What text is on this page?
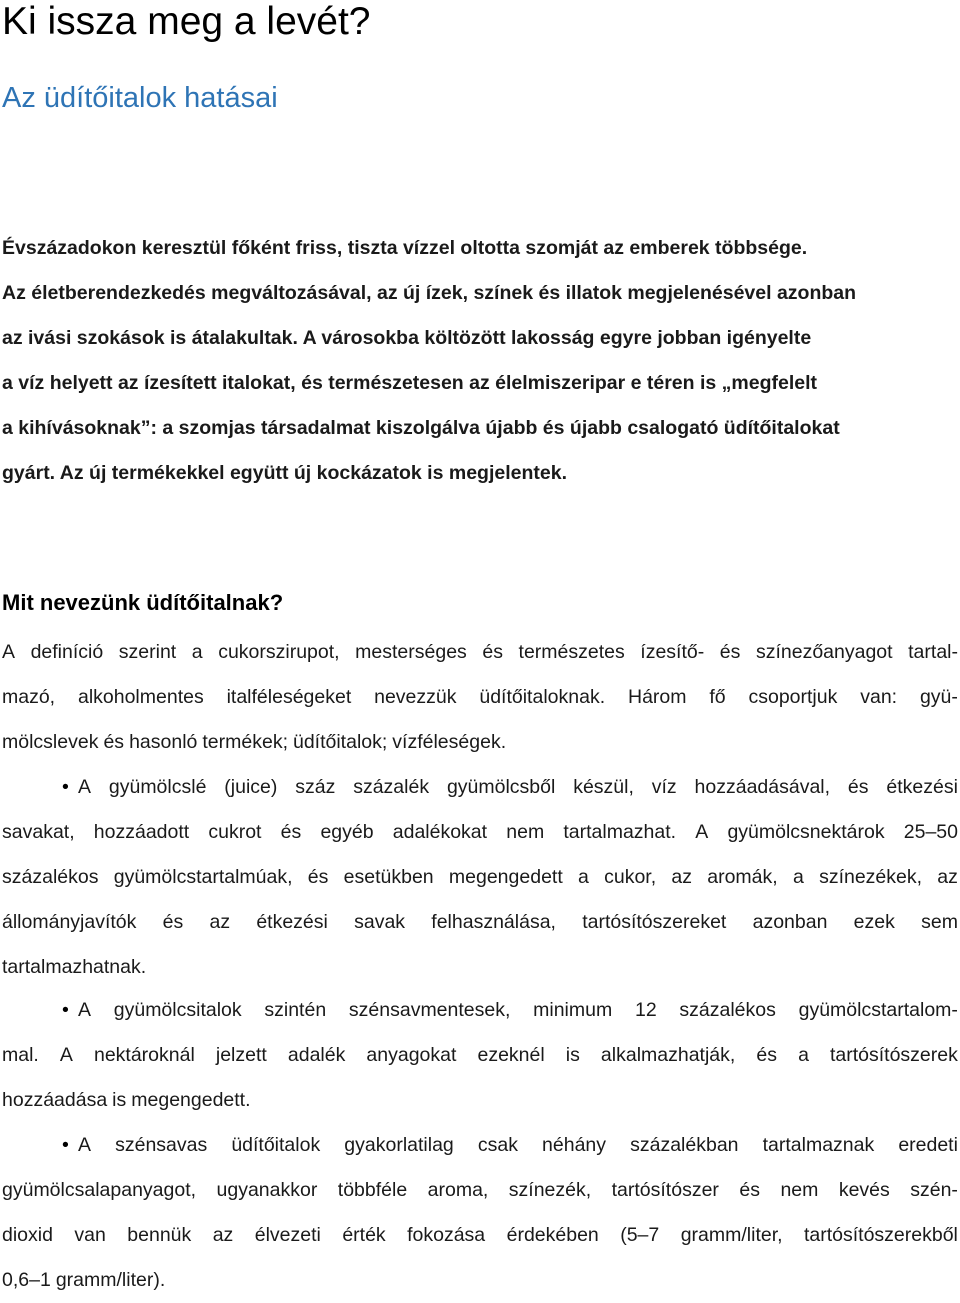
Ki issza meg a levét?
Az üdítőitalok hatásai
Évszázadokon keresztül főként friss, tiszta vízzel oltotta szomját az emberek többsége.
Az életberendezkedés megváltozásával, az új ízek, színek és illatok megjelenésével azonban
az ivási szokások is átalakultak. A városokba költözött lakosság egyre jobban igényelte
a víz helyett az ízesített italokat, és természetesen az élelmiszeripar e téren is „megfelelt
a kihívásoknak”: a szomjas társadalmat kiszolgálva újabb és újabb csalogató üdítőitalokat
gyárt. Az új termékekkel együtt új kockázatok is megjelentek.
Mit nevezünk üdítőitalnak?
A definíció szerint a cukorszirupot, mesterséges és természetes ízesítő- és színezőanyagot tartal-
mazó, alkoholmentes italféleségeket nevezzük üdítőitaloknak. Három fő csoportjuk van: gyü-
mölcslevek és hasonló termékek; üdítőitalok; vízféleségek.
• A gyümölcslé (juice) száz százalék gyümölcsből készül, víz hozzáadásával, és étkezési
savakat, hozzáadott cukrot és egyéb adalékokat nem tartalmazhat. A gyümölcsnektárok 25–50
százalékos gyümölcstartalmúak, és esetükben megengedett a cukor, az aromák, a színezékek, az
állományjavítók és az étkezési savak felhasználása, tartósítószereket azonban ezek sem
tartalmazhatnak.
• A gyümölcsitalok szintén szénsavmentesek, minimum 12 százalékos gyümölcstartalom-
mal. A nektároknál jelzett adalék anyagokat ezeknél is alkalmazhatják, és a tartósítószerek
hozzáadása is megengedett.
• A szénsavas üdítőitalok gyakorlatilag csak néhány százalékban tartalmaznak eredeti
gyümölcsalapanyagot, ugyanakkor többféle aroma, színezék, tartósítószer és nem kevés szén-
dioxid van bennük az élvezeti érték fokozása érdekében (5–7 gramm/liter, tartósítószerekből
0,6–1 gramm/liter).
